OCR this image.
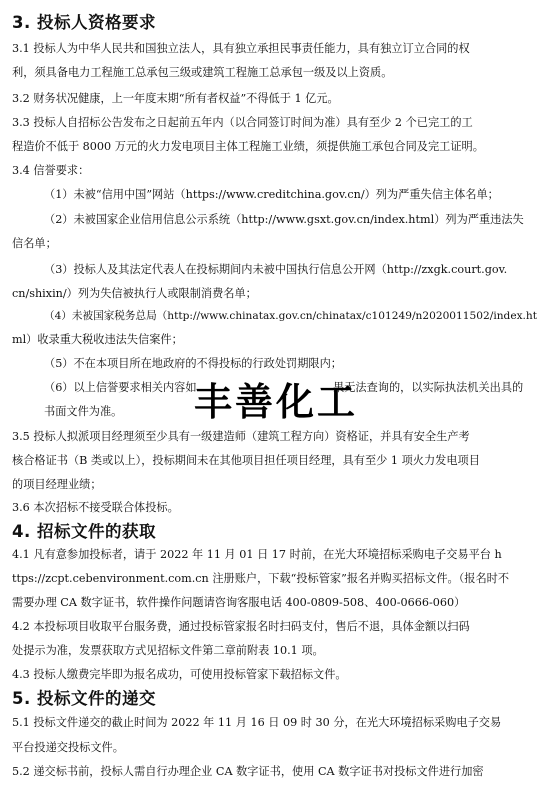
3. 投标人资格要求
3.1 投标人为中华人民共和国独立法人，具有独立承担民事责任能力，具有独立订立合同的权
利，须具备电力工程施工总承包三级或建筑工程施工总承包一级及以上资质。
3.2 财务状况健康，上一年度末期“所有者权益”不得低于 1 亿元。
3.3 投标人自招标公告发布之日起前五年内（以合同签订时间为准）具有至少 2 个已完工的工
程造价不低于 8000 万元的火力发电项目主体工程施工业绩，须提供施工承包合同及完工证明。
3.4 信誉要求：
（1）未被“信用中国”网站（https://www.creditchina.gov.cn/）列为严重失信主体名单；
（2）未被国家企业信用信息公示系统（http://www.gsxt.gov.cn/index.html）列为严重违法失
信名单；
（3）投标人及其法定代表人在投标期间内未被中国执行信息公开网（http://zxgk.court.gov.
cn/shixin/）列为失信被执行人或限制消费名单；
（4）未被国家税务总局（http://www.chinatax.gov.cn/chinatax/c101249/n2020011502/index.ht
ml）收录重大税收违法失信案件；
（5）不在本项目所在地政府的不得投标的行政处罚期限内；
（6）以上信誉要求相关内容如	果无法查询的，以实际执法机关出具的
书面文件为准。
3.5 投标人拟派项目经理须至少具有一级建造师（建筑工程方向）资格证，并具有安全生产考
核合格证书（B 类或以上），投标期间未在其他项目担任项目经理，具有至少 1 项火力发电项目
的项目经理业绩；
3.6 本次招标不接受联合体投标。
4. 招标文件的获取
4.1 凡有意参加投标者，请于 2022 年 11 月 01 日 17 时前，在光大环境招标采购电子交易平台 h
ttps://zcpt.cebenvironment.com.cn 注册账户，下载“投标管家”报名并购买招标文件。（报名时不
需要办理 CA 数字证书，软件操作问题请咨询客服电话 400-0809-508、400-0666-060）
4.2 本投标项目收取平台服务费，通过投标管家报名时扫码支付，售后不退，具体金额以扫码
处提示为准，发票获取方式见招标文件第二章前附表 10.1 项。
4.3 投标人缴费完毕即为报名成功，可使用投标管家下载招标文件。
5. 投标文件的递交
5.1 投标文件递交的截止时间为 2022 年 11 月 16 日 09 时 30 分，在光大环境招标采购电子交易
平台投递交投标文件。
5.2 递交标书前，投标人需自行办理企业 CA 数字证书，使用 CA 数字证书对投标文件进行加密
丰善化工
